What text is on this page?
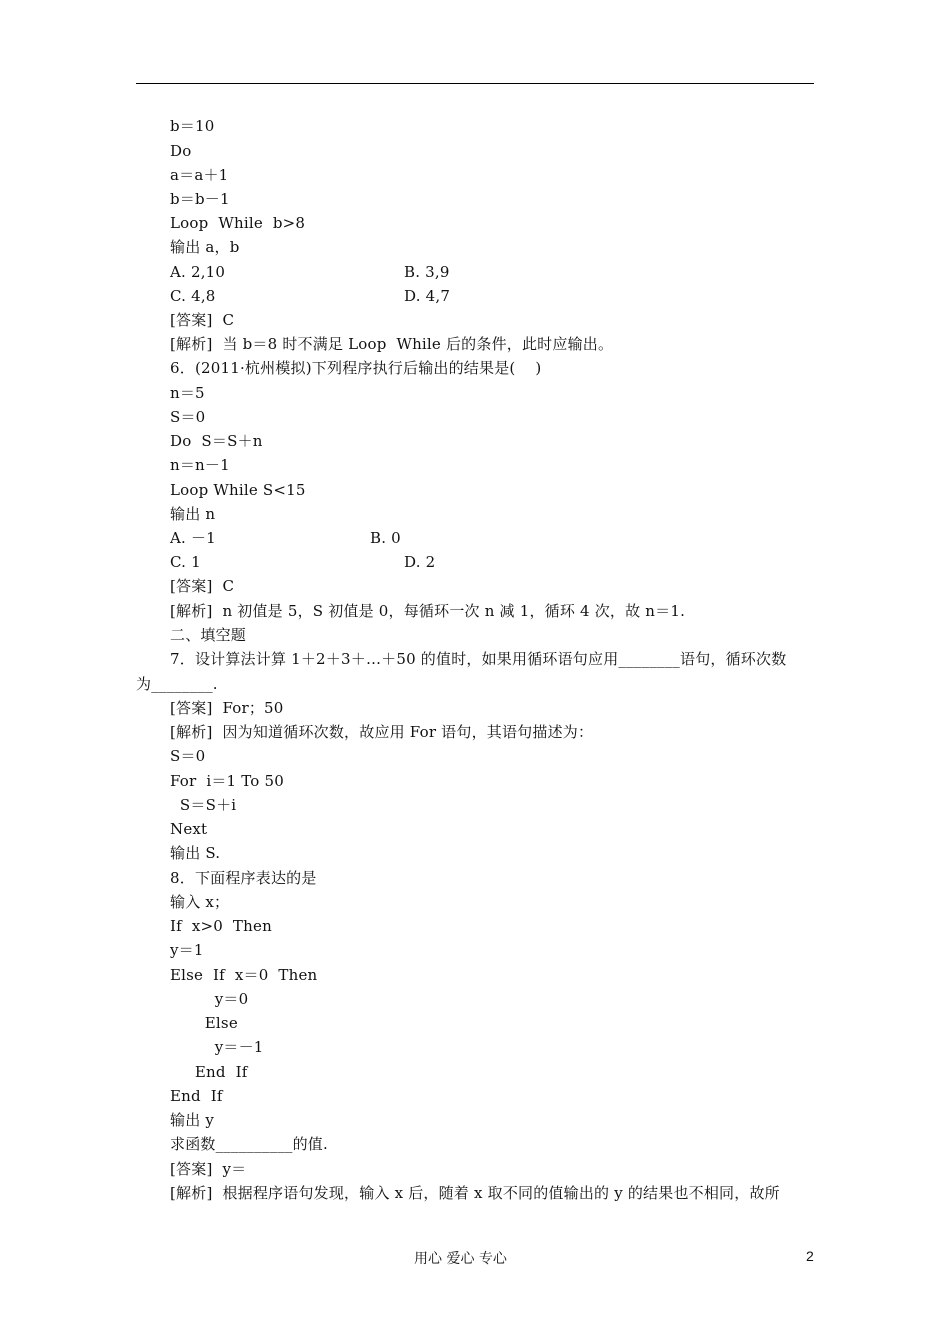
b＝10
Do
a＝a＋1
b＝b－1
Loop  While  b>8
输出 a，b
A. 2,10	B. 3,9
C. 4,8	D. 4,7
[答案]  C
[解析]  当 b＝8 时不满足 Loop  While 后的条件，此时应输出。
6．(2011·杭州模拟)下列程序执行后输出的结果是(    )
n＝5
S＝0
Do  S＝S＋n
n＝n－1
Loop While S<15
输出 n
A. －1	B. 0
C. 1	D. 2
[答案]  C
[解析]  n 初值是 5，S 初值是 0，每循环一次 n 减 1，循环 4 次，故 n＝1.
二、填空题
7．设计算法计算 1＋2＋3＋…＋50 的值时，如果用循环语句应用________语句，循环次数
为________.
[答案]  For；50
[解析]  因为知道循环次数，故应用 For 语句，其语句描述为：
S＝0
For  i＝1 To 50
S＝S＋i
Next
输出 S.
8．下面程序表达的是
输入 x；
If  x>0  Then
y＝1
Else  If  x＝0  Then
y＝0
Else
y＝－1
End  If
End  If
输出 y
求函数__________的值.
[答案]  y＝
[解析]  根据程序语句发现，输入 x 后，随着 x 取不同的值输出的 y 的结果也不相同，故所
用心 爱心 专心	2
